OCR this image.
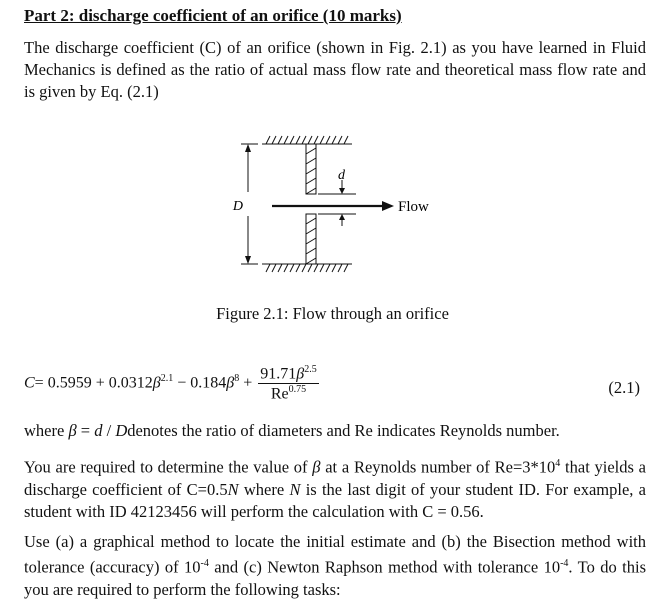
Part 2: discharge coefficient of an orifice (10 marks)
The discharge coefficient (C) of an orifice (shown in Fig. 2.1) as you have learned in Fluid Mechanics is defined as the ratio of actual mass flow rate and theoretical mass flow rate and is given by Eq. (2.1)
D
d
Flow
Figure 2.1: Flow through an orifice
$C= 0.5959 + 0.0312\beta^{2.1} - 0.184\beta^8 + \frac{91.71\beta^{2.5}}{Re^{0.75}}$	(2.1)
where β = d / Ddenotes the ratio of diameters and Re indicates Reynolds number.
You are required to determine the value of β at a Reynolds number of $Re=3*10^4$ that yields a discharge coefficient of C=0.5N where N is the last digit of your student ID. For example, a student with ID 42123456 will perform the calculation with C = 0.56.
Use (a) a graphical method to locate the initial estimate and (b) the Bisection method with tolerance (accuracy) of $10^{-4}$ and (c) Newton Raphson method with tolerance $10^{-4}$. To do this you are required to perform the following tasks:
